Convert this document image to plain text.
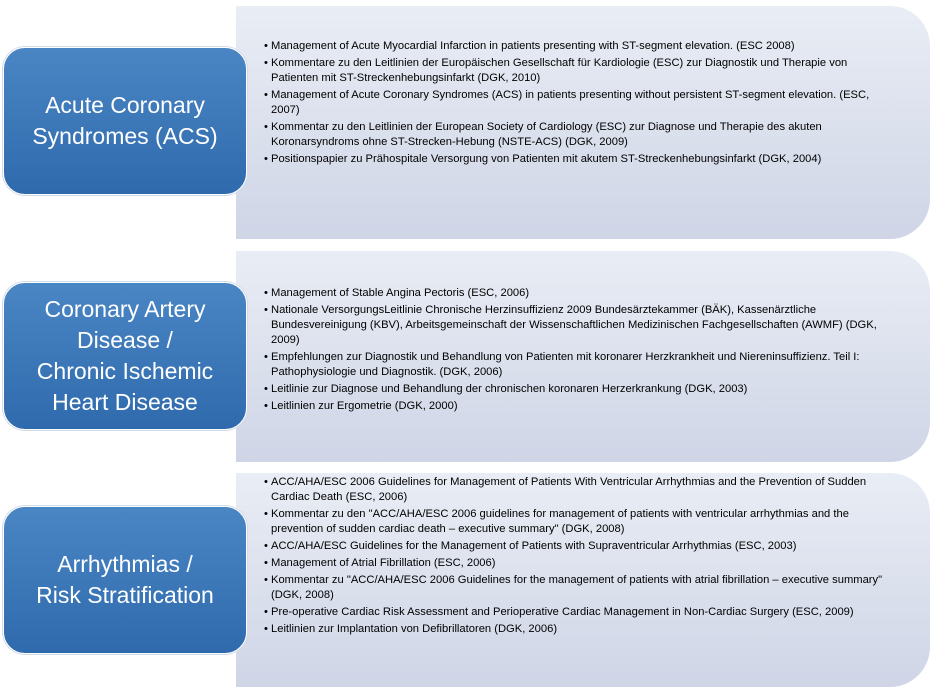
• Management of Acute Myocardial Infarction in patients presenting with ST-segment elevation. (ESC 2008)
• Kommentare zu den Leitlinien der Europäischen Gesellschaft für Kardiologie (ESC) zur Diagnostik und Therapie von Patienten mit ST-Streckenhebungsinfarkt (DGK, 2010)
• Management of Acute Coronary Syndromes (ACS) in patients presenting without persistent ST-segment elevation. (ESC, 2007)
• Kommentar zu den Leitlinien der European Society of Cardiology (ESC) zur Diagnose und Therapie des akuten Koronarsyndroms ohne ST-Strecken-Hebung (NSTE-ACS) (DGK, 2009)
• Positionspapier zu Prähospitale Versorgung von Patienten mit akutem ST-Streckenhebungsinfarkt (DGK, 2004)
Acute Coronary
Syndromes (ACS)
• Management of Stable Angina Pectoris (ESC, 2006)
• Nationale VersorgungsLeitlinie Chronische Herzinsuffizienz 2009 Bundesärztekammer (BÄK), Kassenärztliche Bundesvereinigung (KBV), Arbeitsgemeinschaft der Wissenschaftlichen Medizinischen Fachgesellschaften (AWMF) (DGK, 2009)
• Empfehlungen zur Diagnostik und Behandlung von Patienten mit koronarer Herzkrankheit und Niereninsuffizienz. Teil I: Pathophysiologie und Diagnostik. (DGK, 2006)
• Leitlinie zur Diagnose und Behandlung der chronischen koronaren Herzerkrankung (DGK, 2003)
• Leitlinien zur Ergometrie (DGK, 2000)
Coronary Artery
Disease /
Chronic Ischemic
Heart Disease
• ACC/AHA/ESC 2006 Guidelines for Management of Patients With Ventricular Arrhythmias and the Prevention of Sudden Cardiac Death (ESC, 2006)
• Kommentar zu den "ACC/AHA/ESC 2006 guidelines for management of patients with ventricular arrhythmias and the prevention of sudden cardiac death – executive summary" (DGK, 2008)
• ACC/AHA/ESC Guidelines for the Management of Patients with Supraventricular Arrhythmias (ESC, 2003)
• Management of Atrial Fibrillation (ESC, 2006)
• Kommentar zu "ACC/AHA/ESC 2006 Guidelines for the management of patients with atrial fibrillation – executive summary" (DGK, 2008)
• Pre-operative Cardiac Risk Assessment and Perioperative Cardiac Management in Non-Cardiac Surgery (ESC, 2009)
• Leitlinien zur Implantation von Defibrillatoren (DGK, 2006)
Arrhythmias /
Risk Stratification
